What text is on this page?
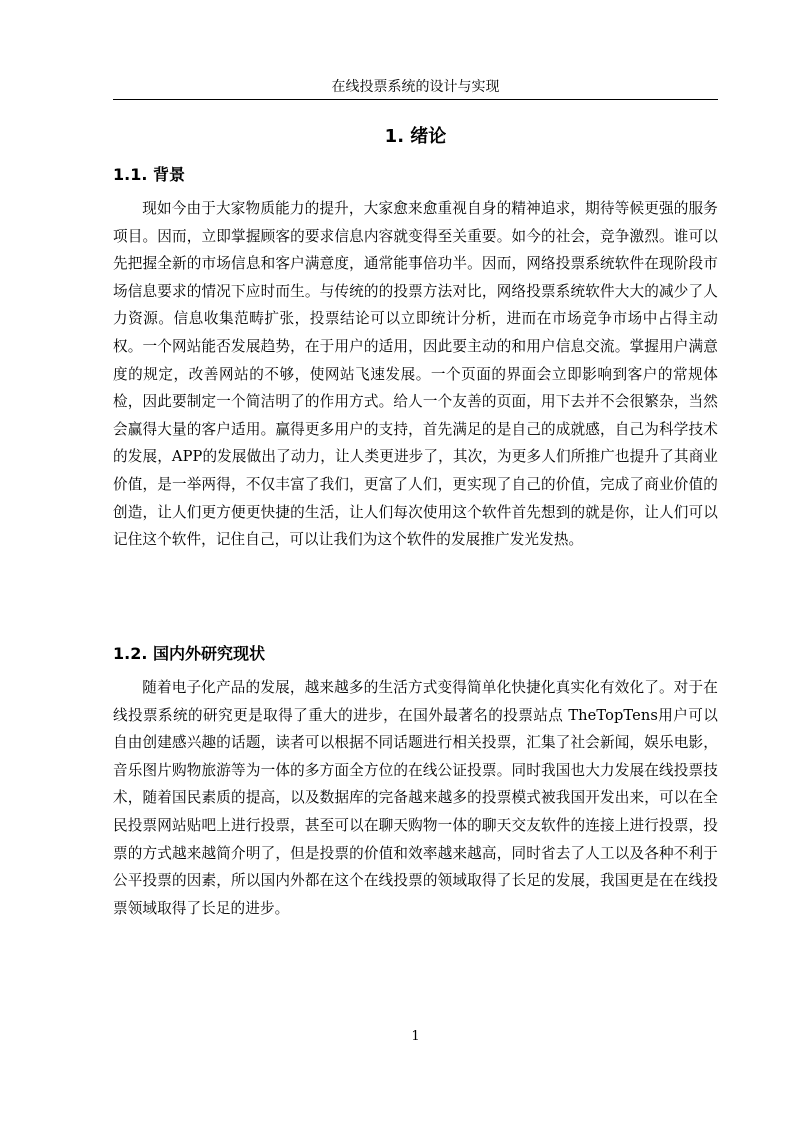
在线投票系统的设计与实现
1. 绪论
1.1. 背景

现如今由于大家物质能力的提升，大家愈来愈重视自身的精神追求，期待等候更强的服务项目。因而，立即掌握顾客的要求信息内容就变得至关重要。如今的社会，竞争激烈。谁可以先把握全新的市场信息和客户满意度，通常能事倍功半。因而，网络投票系统软件在现阶段市场信息要求的情况下应时而生。与传统的的投票方法对比，网络投票系统软件大大的减少了人力资源。信息收集范畴扩张，投票结论可以立即统计分析，进而在市场竞争市场中占得主动权。一个网站能否发展趋势，在于用户的适用，因此要主动的和用户信息交流。掌握用户满意度的规定，改善网站的不够，使网站飞速发展。一个页面的界面会立即影响到客户的常规体检，因此要制定一个简洁明了的作用方式。给人一个友善的页面，用下去并不会很繁杂，当然会赢得大量的客户适用。赢得更多用户的支持，首先满足的是自己的成就感，自己为科学技术的发展，APP的发展做出了动力，让人类更进步了，其次，为更多人们所推广也提升了其商业价值，是一举两得，不仅丰富了我们，更富了人们，更实现了自己的价值，完成了商业价值的创造，让人们更方便更快捷的生活，让人们每次使用这个软件首先想到的就是你，让人们可以记住这个软件，记住自己，可以让我们为这个软件的发展推广发光发热。

1.2. 国内外研究现状

随着电子化产品的发展，越来越多的生活方式变得简单化快捷化真实化有效化了。对于在线投票系统的研究更是取得了重大的进步，在国外最著名的投票站点 TheTopTens用户可以自由创建感兴趣的话题，读者可以根据不同话题进行相关投票，汇集了社会新闻，娱乐电影，音乐图片购物旅游等为一体的多方面全方位的在线公证投票。同时我国也大力发展在线投票技术，随着国民素质的提高，以及数据库的完备越来越多的投票模式被我国开发出来，可以在全民投票网站贴吧上进行投票，甚至可以在聊天购物一体的聊天交友软件的连接上进行投票，投票的方式越来越简介明了，但是投票的价值和效率越来越高，同时省去了人工以及各种不利于公平投票的因素，所以国内外都在这个在线投票的领域取得了长足的发展，我国更是在在线投票领域取得了长足的进步。

1
